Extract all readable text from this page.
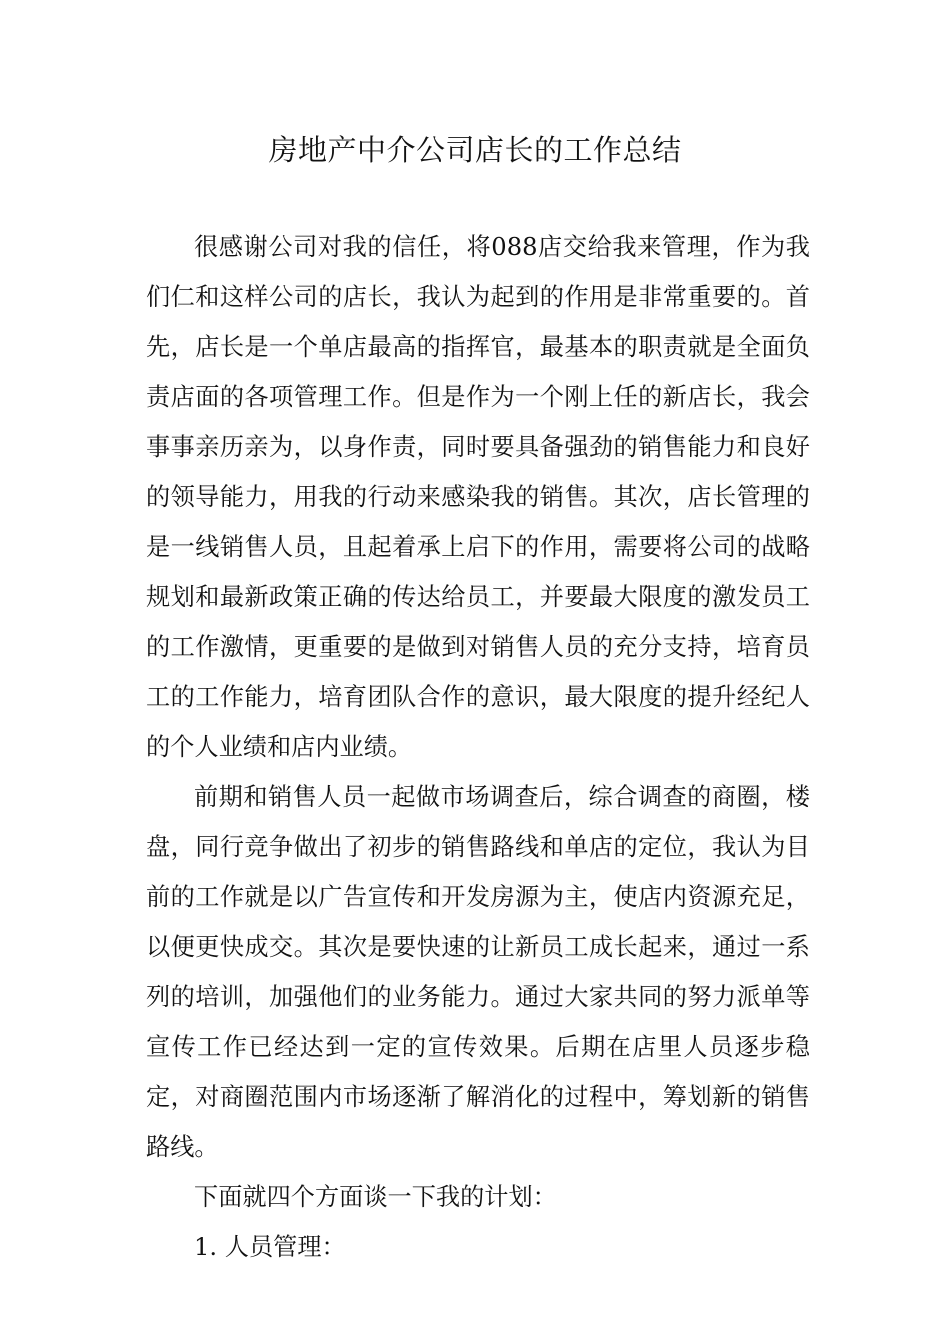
房地产中介公司店长的工作总结

很感谢公司对我的信任，将088店交给我来管理，作为我们仁和这样公司的店长，我认为起到的作用是非常重要的。首先，店长是一个单店最高的指挥官，最基本的职责就是全面负责店面的各项管理工作。但是作为一个刚上任的新店长，我会事事亲历亲为，以身作责，同时要具备强劲的销售能力和良好的领导能力，用我的行动来感染我的销售。其次，店长管理的是一线销售人员，且起着承上启下的作用，需要将公司的战略规划和最新政策正确的传达给员工，并要最大限度的激发员工的工作激情，更重要的是做到对销售人员的充分支持，培育员工的工作能力，培育团队合作的意识，最大限度的提升经纪人的个人业绩和店内业绩。

前期和销售人员一起做市场调查后，综合调查的商圈，楼盘，同行竞争做出了初步的销售路线和单店的定位，我认为目前的工作就是以广告宣传和开发房源为主，使店内资源充足，以便更快成交。其次是要快速的让新员工成长起来，通过一系列的培训，加强他们的业务能力。通过大家共同的努力派单等宣传工作已经达到一定的宣传效果。后期在店里人员逐步稳定，对商圈范围内市场逐渐了解消化的过程中，筹划新的销售路线。

下面就四个方面谈一下我的计划：

1. 人员管理：
